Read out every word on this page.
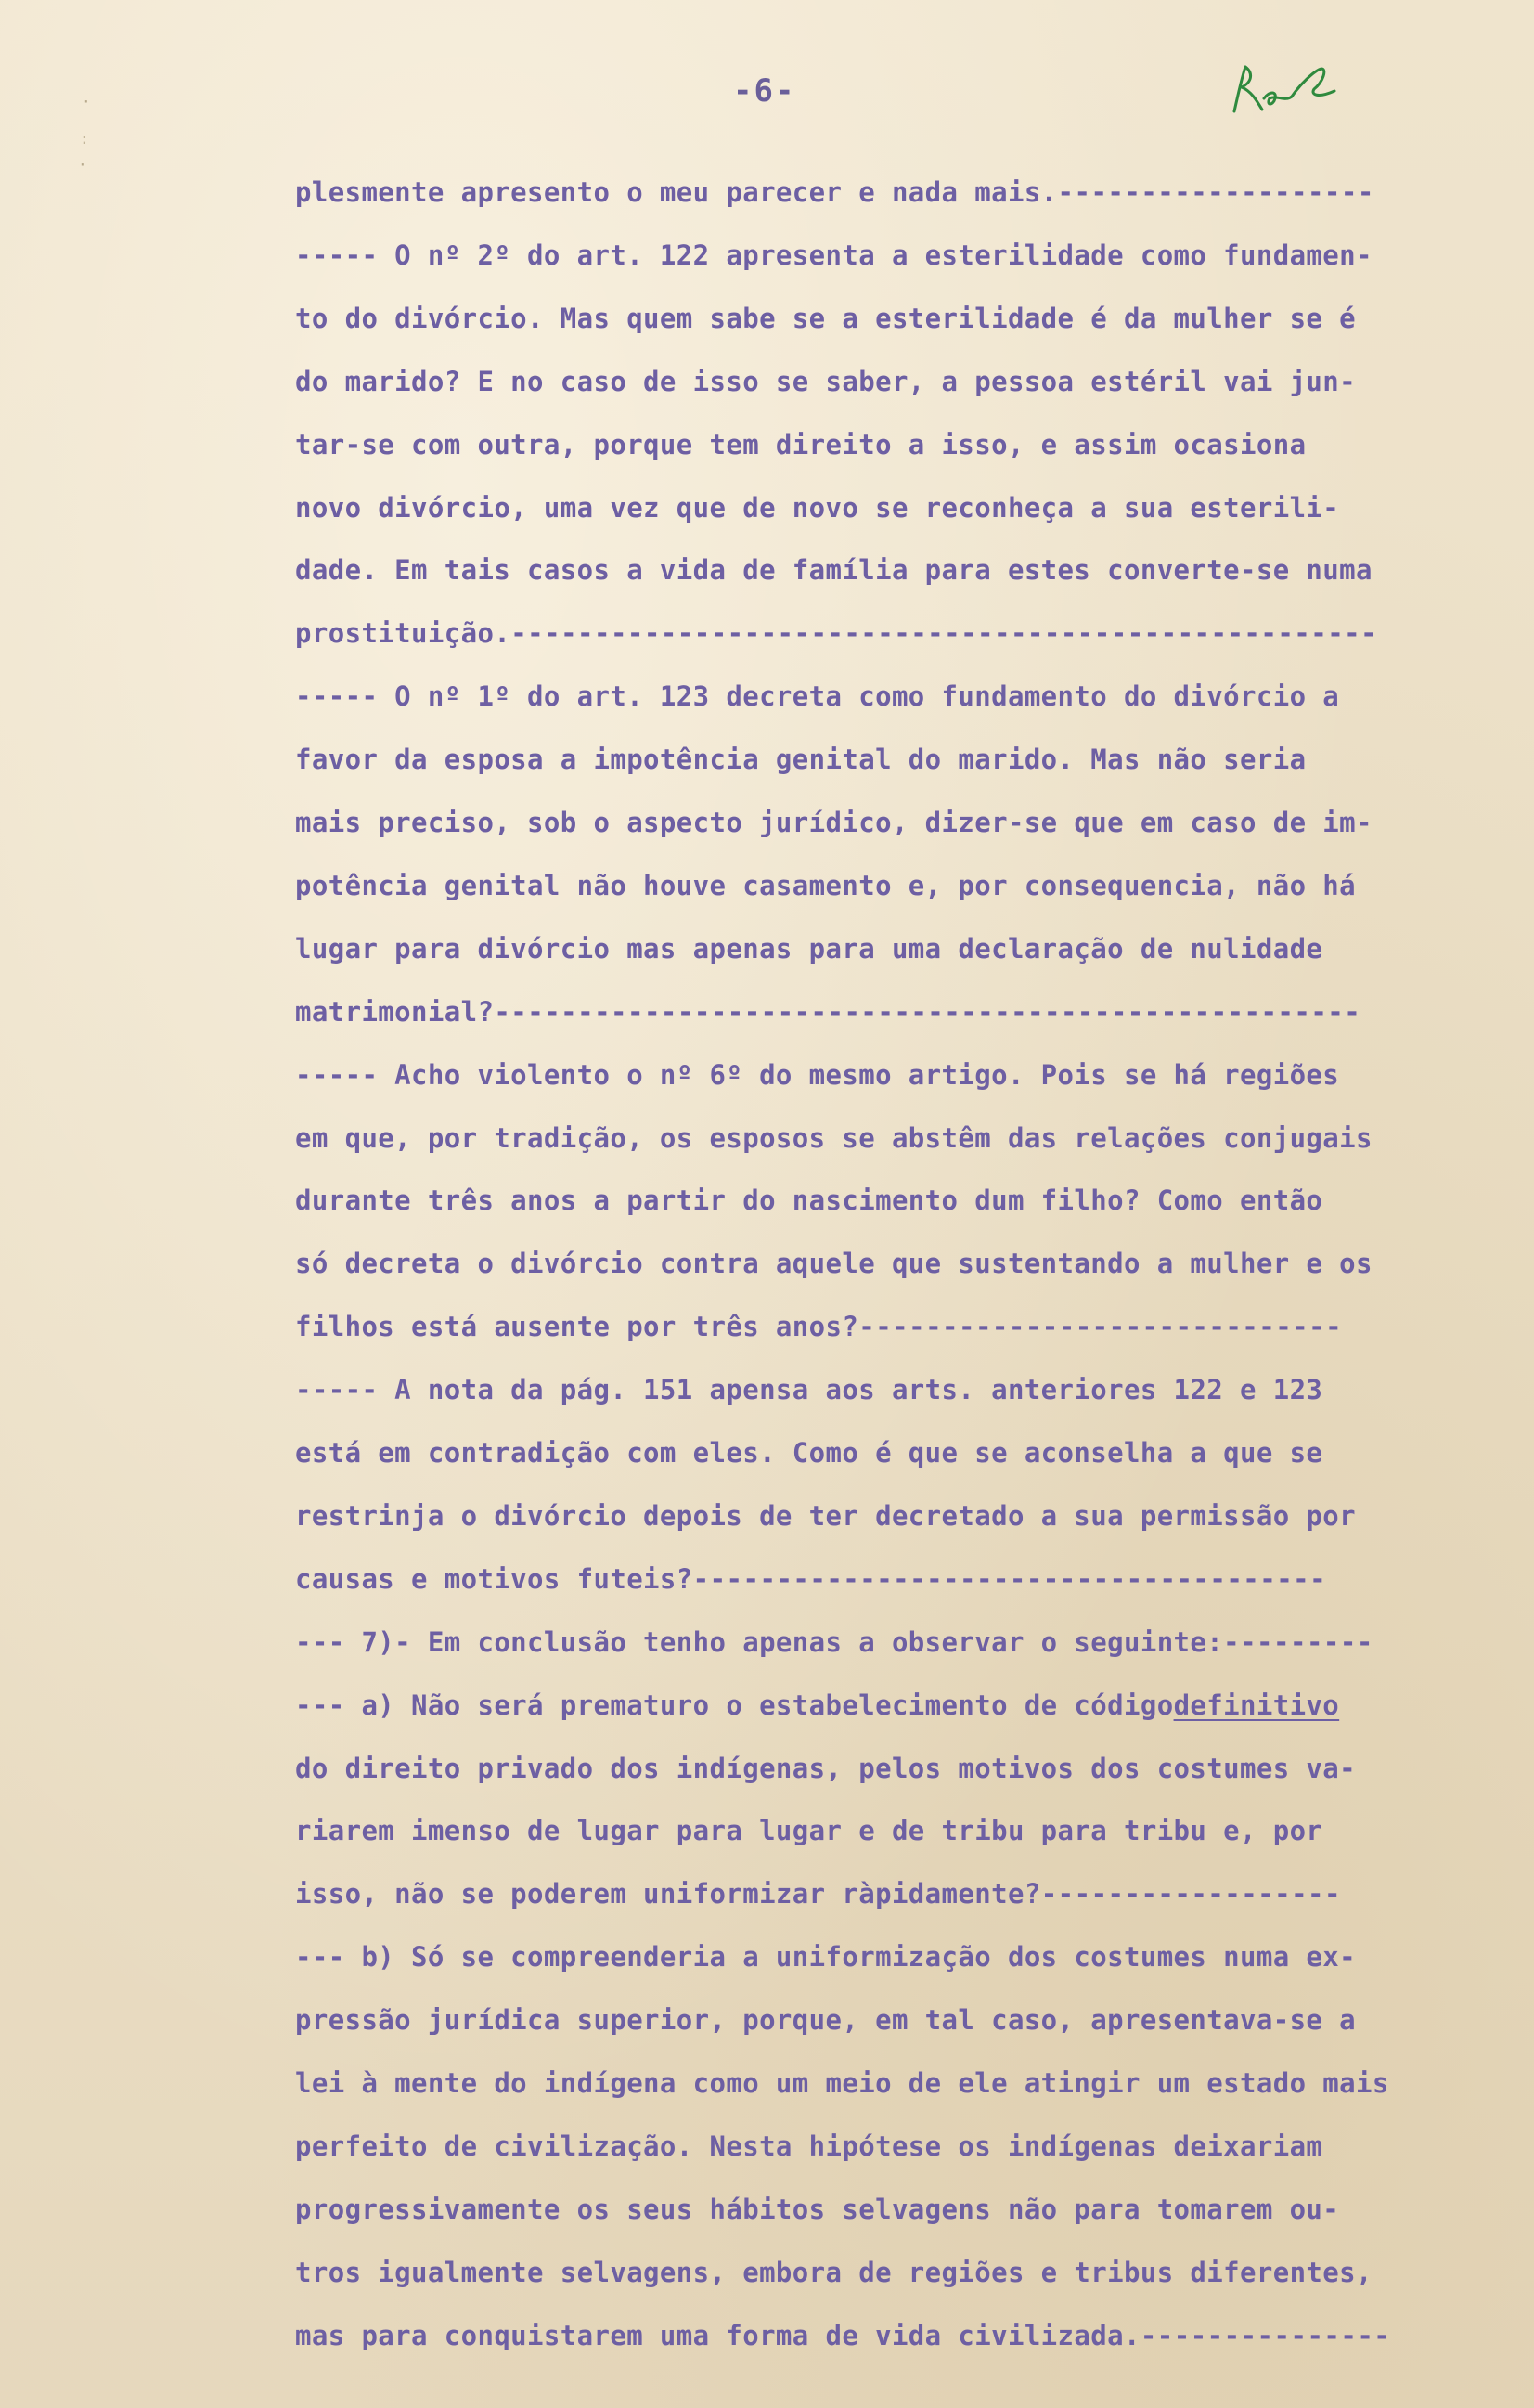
-6-
·
:
·
plesmente apresento o meu parecer e nada mais. -------------------
----- O nº 2º do art. 122 apresenta a esterilidade como fundamen-
to do divórcio. Mas quem sabe se a esterilidade é da mulher se é
do marido? E no caso de isso se saber, a pessoa estéril vai jun-
tar-se com outra, porque tem direito a isso, e assim ocasiona
novo divórcio, uma vez que de novo se reconheça a sua esterili-
dade. Em tais casos a vida de família para estes converte-se numa
prostituição. ----------------------------------------------------
----- O nº 1º do art. 123 decreta como fundamento do divórcio a
favor da esposa a impotência genital do marido. Mas não seria
mais preciso, sob o aspecto jurídico, dizer-se que em caso de im-
potência genital não houve casamento e, por consequencia, não há
lugar para divórcio mas apenas para uma declaração de nulidade
matrimonial? ----------------------------------------------------
----- Acho violento o nº 6º do mesmo artigo. Pois se há regiões
em que, por tradição, os esposos se abstêm das relações conjugais
durante três anos a partir do nascimento dum filho? Como então
só decreta o divórcio contra aquele que sustentando a mulher e os
filhos está ausente por três anos? -----------------------------
----- A nota da pág. 151 apensa aos arts. anteriores 122 e 123
está em contradição com eles. Como é que se aconselha a que se
restrinja o divórcio depois de ter decretado a sua permissão por
causas e motivos futeis? --------------------------------------
--- 7)- Em conclusão tenho apenas a observar o seguinte: ---------
--- a) Não será prematuro o estabelecimento de código definitivo
do direito privado dos indígenas, pelos motivos dos costumes va-
riarem imenso de lugar para lugar e de tribu para tribu e, por
isso, não se poderem uniformizar ràpidamente? ------------------
--- b) Só se compreenderia a uniformização dos costumes numa ex-
pressão jurídica superior, porque, em tal caso, apresentava-se a
lei à mente do indígena como um meio de ele atingir um estado mais
perfeito de civilização. Nesta hipótese os indígenas deixariam
progressivamente os seus hábitos selvagens não para tomarem ou-
tros igualmente selvagens, embora de regiões e tribus diferentes,
mas para conquistarem uma forma de vida civilizada. ---------------
